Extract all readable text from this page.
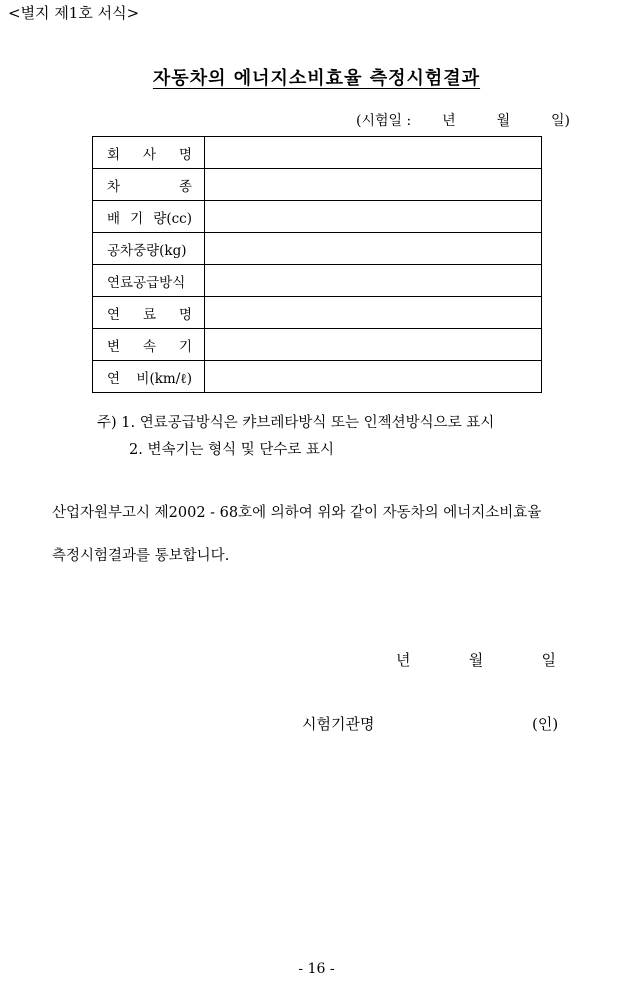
<별지 제1호 서식>
자동차의 에너지소비효율 측정시험결과
(시험일 : 년	월	일)
회 사 명	

차 종	

배 기 량(cc)	

공차중량(kg)	

연료공급방식	

연 료 명	

변 속 기	

연 비(km/ℓ)	

주) 1. 연료공급방식은 캬브레타방식 또는 인젝션방식으로 표시
2. 변속기는 형식 및 단수로 표시
산업자원부고시 제2002 - 68호에 의하여 위와 같이 자동차의 에너지소비효율
측정시험결과를 통보합니다.
년	월	일
시험기관명	(인)
- 16 -
